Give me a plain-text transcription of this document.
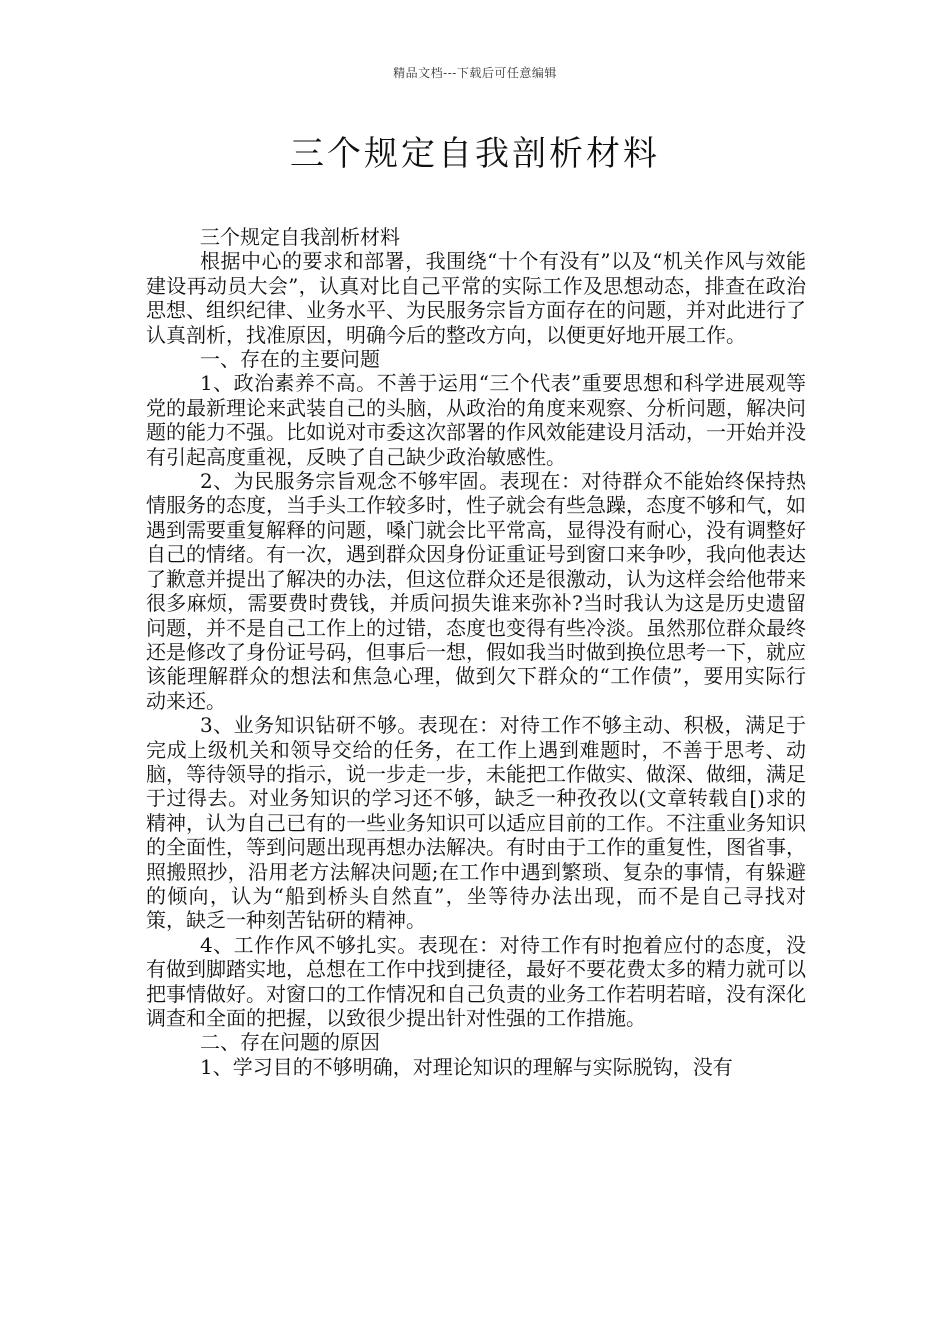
精品文档---下载后可任意编辑
三个规定自我剖析材料

三个规定自我剖析材料

根据中心的要求和部署，我围绕“十个有没有”以及“机关作风与效能建设再动员大会”，认真对比自己平常的实际工作及思想动态，排查在政治思想、组织纪律、业务水平、为民服务宗旨方面存在的问题，并对此进行了认真剖析，找准原因，明确今后的整改方向，以便更好地开展工作。

一、存在的主要问题

1、政治素养不高。不善于运用“三个代表”重要思想和科学进展观等党的最新理论来武装自己的头脑，从政治的角度来观察、分析问题，解决问题的能力不强。比如说对市委这次部署的作风效能建设月活动，一开始并没有引起高度重视，反映了自己缺少政治敏感性。

2、为民服务宗旨观念不够牢固。表现在：对待群众不能始终保持热情服务的态度，当手头工作较多时，性子就会有些急躁，态度不够和气，如遇到需要重复解释的问题，嗓门就会比平常高，显得没有耐心，没有调整好自己的情绪。有一次，遇到群众因身份证重证号到窗口来争吵，我向他表达了歉意并提出了解决的办法，但这位群众还是很激动，认为这样会给他带来很多麻烦，需要费时费钱，并质问损失谁来弥补?当时我认为这是历史遗留问题，并不是自己工作上的过错，态度也变得有些冷淡。虽然那位群众最终还是修改了身份证号码，但事后一想，假如我当时做到换位思考一下，就应该能理解群众的想法和焦急心理，做到欠下群众的“工作债”，要用实际行动来还。

3、业务知识钻研不够。表现在：对待工作不够主动、积极，满足于完成上级机关和领导交给的任务，在工作上遇到难题时，不善于思考、动脑，等待领导的指示，说一步走一步，未能把工作做实、做深、做细，满足于过得去。对业务知识的学习还不够，缺乏一种孜孜以(文章转载自[)求的精神，认为自己已有的一些业务知识可以适应目前的工作。不注重业务知识的全面性，等到问题出现再想办法解决。有时由于工作的重复性，图省事，照搬照抄，沿用老方法解决问题;在工作中遇到繁琐、复杂的事情，有躲避的倾向，认为“船到桥头自然直”，坐等待办法出现，而不是自己寻找对策，缺乏一种刻苦钻研的精神。

4、工作作风不够扎实。表现在：对待工作有时抱着应付的态度，没有做到脚踏实地，总想在工作中找到捷径，最好不要花费太多的精力就可以把事情做好。对窗口的工作情况和自己负责的业务工作若明若暗，没有深化调查和全面的把握，以致很少提出针对性强的工作措施。

二、存在问题的原因

1、学习目的不够明确，对理论知识的理解与实际脱钩，没有
